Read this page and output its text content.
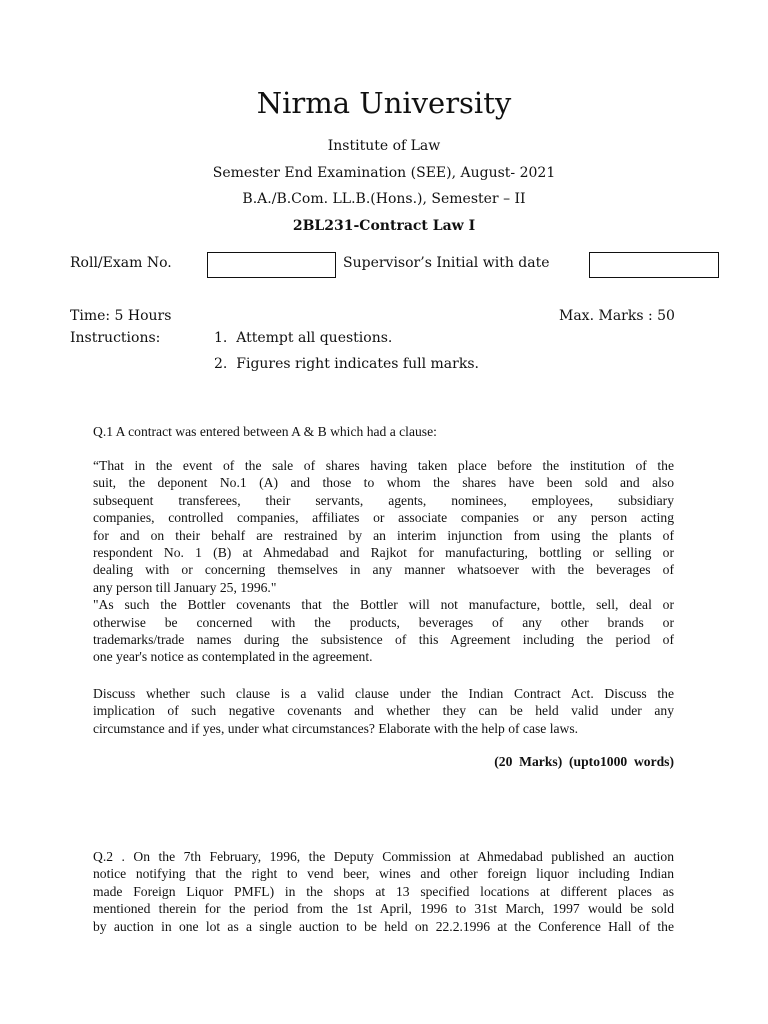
Nirma University
Institute of Law
Semester End Examination (SEE), August- 2021
B.A./B.Com. LL.B.(Hons.), Semester – II
2BL231-Contract Law I
Roll/Exam No.	Supervisor’s Initial with date
Time: 5 Hours	Max. Marks : 50
Instructions:	1.  Attempt all questions.
2.  Figures right indicates full marks.
Q.1 A contract was entered between A & B which had a clause:
“That in the event of the sale of shares having taken place before the institution of the
suit, the deponent No.1 (A) and those to whom the shares have been sold and also
subsequent transferees, their servants, agents, nominees, employees, subsidiary
companies, controlled companies, affiliates or associate companies or any person acting
for and on their behalf are restrained by an interim injunction from using the plants of
respondent No. 1 (B) at Ahmedabad and Rajkot for manufacturing, bottling or selling or
dealing with or concerning themselves in any manner whatsoever with the beverages of
any person till January 25, 1996."
"As such the Bottler covenants that the Bottler will not manufacture, bottle, sell, deal or
otherwise be concerned with the products, beverages of any other brands or
trademarks/trade names during the subsistence of this Agreement including the period of
one year's notice as contemplated in the agreement.
Discuss whether such clause is a valid clause under the Indian Contract Act. Discuss the
implication of such negative covenants and whether they can be held valid under any
circumstance and if yes, under what circumstances? Elaborate with the help of case laws.
(20  Marks)  (upto1000  words)
Q.2 . On the 7th February, 1996, the Deputy Commission at Ahmedabad published an auction
notice notifying that the right to vend beer, wines and other foreign liquor including Indian
made Foreign Liquor PMFL) in the shops at 13 specified locations at different places as
mentioned therein for the period from the 1st April, 1996 to 31st March, 1997 would be sold
by auction in one lot as a single auction to be held on 22.2.1996 at the Conference Hall of the
